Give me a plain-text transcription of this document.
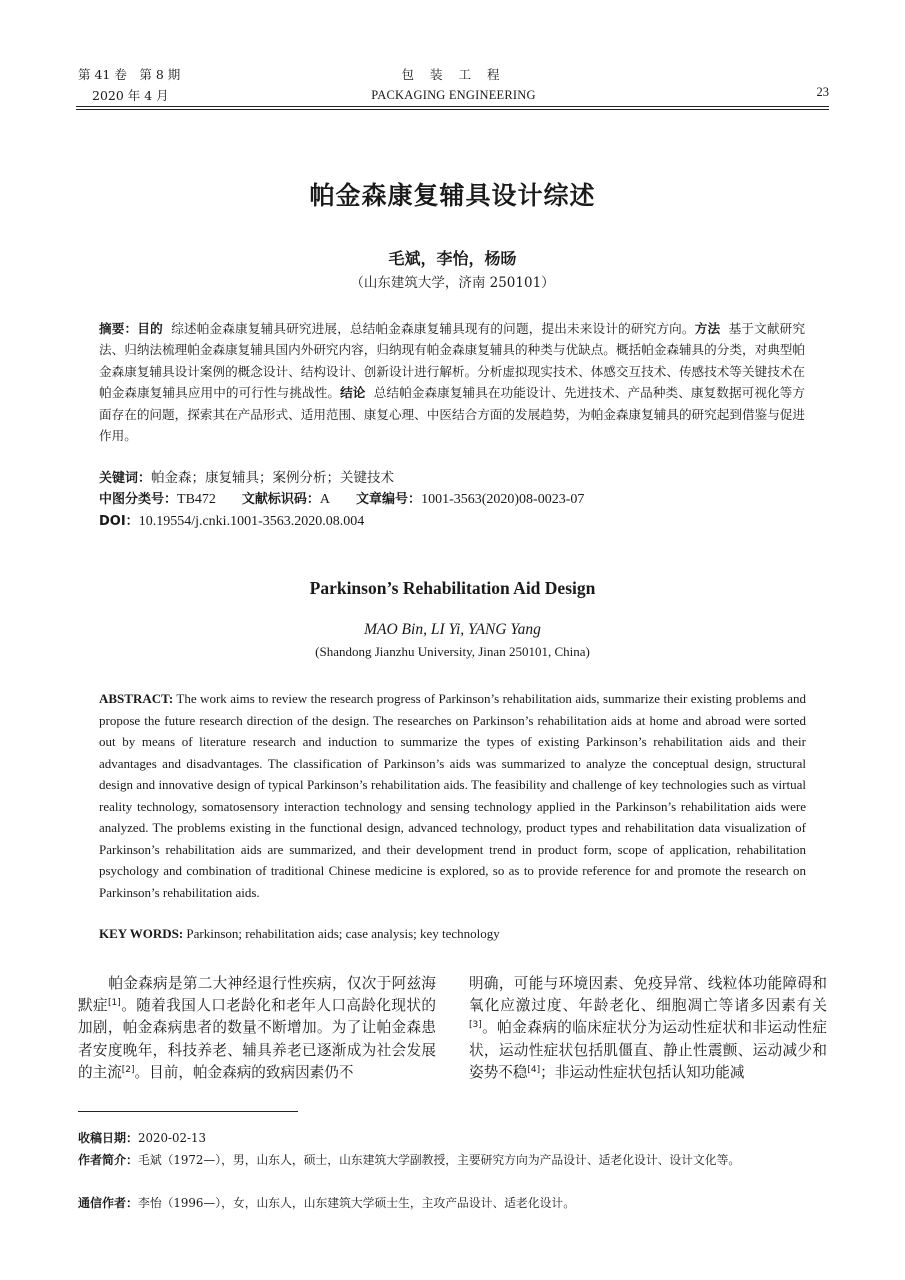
第 41 卷　第 8 期
2020 年 4 月
包 装 工 程
PACKAGING ENGINEERING	23
帕金森康复辅具设计综述
毛斌，李怡，杨旸
（山东建筑大学，济南 250101）
摘要：目的 综述帕金森康复辅具研究进展，总结帕金森康复辅具现有的问题，提出未来设计的研究方向。方法 基于文献研究法、归纳法梳理帕金森康复辅具国内外研究内容，归纳现有帕金森康复辅具的种类与优缺点。概括帕金森辅具的分类，对典型帕金森康复辅具设计案例的概念设计、结构设计、创新设计进行解析。分析虚拟现实技术、体感交互技术、传感技术等关键技术在帕金森康复辅具应用中的可行性与挑战性。结论 总结帕金森康复辅具在功能设计、先进技术、产品种类、康复数据可视化等方面存在的问题，探索其在产品形式、适用范围、康复心理、中医结合方面的发展趋势，为帕金森康复辅具的研究起到借鉴与促进作用。
关键词：帕金森；康复辅具；案例分析；关键技术
中图分类号：TB472 文献标识码：A 文章编号：1001-3563(2020)08-0023-07
DOI：10.19554/j.cnki.1001-3563.2020.08.004
Parkinson’s Rehabilitation Aid Design
MAO Bin, LI Yi, YANG Yang
(Shandong Jianzhu University, Jinan 250101, China)
ABSTRACT: The work aims to review the research progress of Parkinson’s rehabilitation aids, summarize their existing problems and propose the future research direction of the design. The researches on Parkinson’s rehabilitation aids at home and abroad were sorted out by means of literature research and induction to summarize the types of existing Parkinson’s rehabilitation aids and their advantages and disadvantages. The classification of Parkinson’s aids was summarized to analyze the conceptual design, structural design and innovative design of typical Parkinson’s rehabilitation aids. The feasibility and challenge of key technologies such as virtual reality technology, somatosensory interaction technology and sensing technology applied in the Parkinson’s rehabilitation aids were analyzed. The problems existing in the functional design, advanced technology, product types and rehabilitation data visualization of Parkinson’s rehabilitation aids are summarized, and their development trend in product form, scope of application, rehabilitation psychology and combination of traditional Chinese medicine is explored, so as to provide reference for and promote the research on Parkinson’s rehabilitation aids.
KEY WORDS: Parkinson; rehabilitation aids; case analysis; key technology
帕金森病是第二大神经退行性疾病，仅次于阿兹海默症[1]。随着我国人口老龄化和老年人口高龄化现状的加剧，帕金森病患者的数量不断增加。为了让帕金森患者安度晚年，科技养老、辅具养老已逐渐成为社会发展的主流[2]。目前，帕金森病的致病因素仍不
明确，可能与环境因素、免疫异常、线粒体功能障碍和氧化应激过度、年龄老化、细胞凋亡等诸多因素有关[3]。帕金森病的临床症状分为运动性症状和非运动性症状，运动性症状包括肌僵直、静止性震颤、运动减少和姿势不稳[4]；非运动性症状包括认知功能减
收稿日期：2020-02-13
作者简介：毛斌（1972—），男，山东人，硕士，山东建筑大学副教授，主要研究方向为产品设计、适老化设计、设计文化等。
通信作者：李怡（1996—），女，山东人，山东建筑大学硕士生，主攻产品设计、适老化设计。
